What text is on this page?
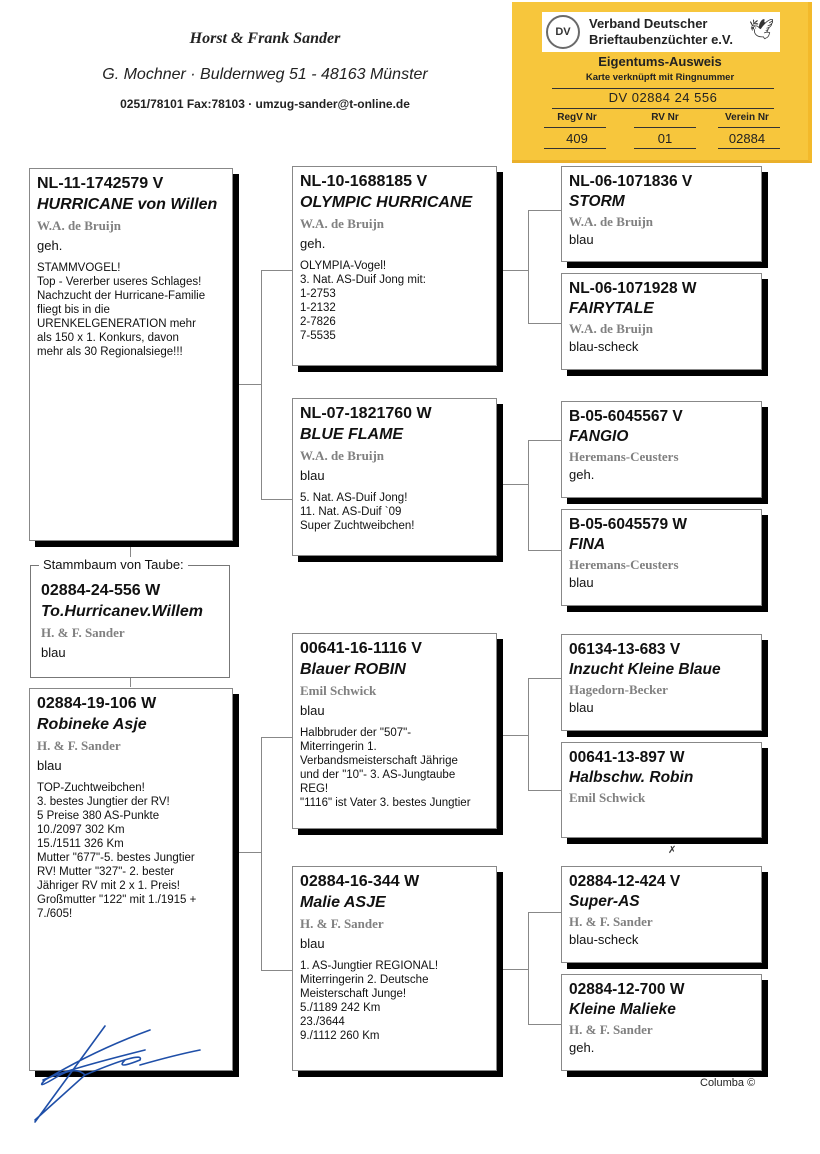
Horst & Frank Sander
G. Mochner · Buldernweg 51 - 48163 Münster
0251/78101 Fax:78103 · umzug-sander@t-online.de
DV
Verband Deutscher
Brieftaubenzüchter e.V. 🕊
Eigentums-Ausweis
Karte verknüpft mit Ringnummer
DV 02884 24 556
RegV Nr	RV Nr	Verein Nr
409	01	02884
NL-11-1742579 V
HURRICANE von Willen
W.A. de Bruijn
geh.
STAMMVOGEL!
Top - Vererber useres Schlages!
Nachzucht der Hurricane-Familie
fliegt bis in die
URENKELGENERATION mehr
als 150 x 1. Konkurs, davon
mehr als 30 Regionalsiege!!!
Stammbaum von Taube:
02884-24-556 W
To.Hurricanev.Willem
H. & F. Sander
blau
02884-19-106 W
Robineke Asje
H. & F. Sander
blau
TOP-Zuchtweibchen!
3. bestes Jungtier der RV!
5 Preise 380 AS-Punkte
10./2097 302 Km
15./1511 326 Km
Mutter "677"-5. bestes Jungtier
RV! Mutter "327"- 2. bester
Jähriger RV mit 2 x 1. Preis!
Großmutter "122" mit 1./1915 +
7./605!
NL-10-1688185 V
OLYMPIC HURRICANE
W.A. de Bruijn
geh.
OLYMPIA-Vogel!
3. Nat. AS-Duif Jong mit:
1-2753
1-2132
2-7826
7-5535
NL-07-1821760 W
BLUE FLAME
W.A. de Bruijn
blau
5. Nat. AS-Duif Jong!
11. Nat. AS-Duif `09
Super Zuchtweibchen!
00641-16-1116 V
Blauer ROBIN
Emil Schwick
blau
Halbbruder der "507"-
Miterringerin 1.
Verbandsmeisterschaft Jährige
und der "10"- 3. AS-Jungtaube
REG!
"1116" ist Vater 3. bestes Jungtier
02884-16-344 W
Malie ASJE
H. & F. Sander
blau
1. AS-Jungtier REGIONAL!
Miterringerin 2. Deutsche
Meisterschaft Junge!
5./1189 242 Km
23./3644
9./1112 260 Km
NL-06-1071836 V
STORM
W.A. de Bruijn
blau
NL-06-1071928 W
FAIRYTALE
W.A. de Bruijn
blau-scheck
B-05-6045567 V
FANGIO
Heremans-Ceusters
geh.
B-05-6045579 W
FINA
Heremans-Ceusters
blau
06134-13-683 V
Inzucht Kleine Blaue
Hagedorn-Becker
blau
00641-13-897 W
Halbschw. Robin
Emil Schwick
02884-12-424 V
Super-AS
H. & F. Sander
blau-scheck
02884-12-700 W
Kleine Malieke
H. & F. Sander
geh.
✗
Columba ©
